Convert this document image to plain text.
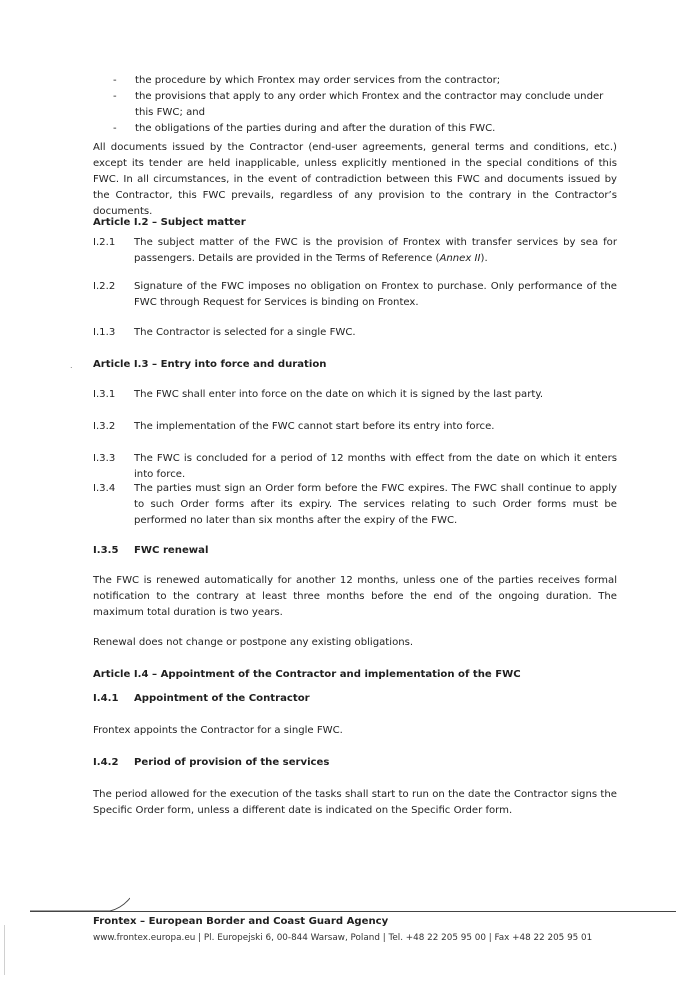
- the procedure by which Frontex may order services from the contractor;
- the provisions that apply to any order which Frontex and the contractor may conclude under this FWC; and
- the obligations of the parties during and after the duration of this FWC.
All documents issued by the Contractor (end-user agreements, general terms and conditions, etc.) except its tender are held inapplicable, unless explicitly mentioned in the special conditions of this FWC. In all circumstances, in the event of contradiction between this FWC and documents issued by the Contractor, this FWC prevails, regardless of any provision to the contrary in the Contractor’s documents.
Article I.2 – Subject matter
I.2.1	The subject matter of the FWC is the provision of Frontex with transfer services by sea for passengers. Details are provided in the Terms of Reference (Annex II).
I.2.2	Signature of the FWC imposes no obligation on Frontex to purchase. Only performance of the FWC through Request for Services is binding on Frontex.
I.1.3	The Contractor is selected for a single FWC.
. Article I.3 – Entry into force and duration
I.3.1	The FWC shall enter into force on the date on which it is signed by the last party.
I.3.2	The implementation of the FWC cannot start before its entry into force.
I.3.3	The FWC is concluded for a period of 12 months with effect from the date on which it enters into force.
I.3.4	The parties must sign an Order form before the FWC expires. The FWC shall continue to apply to such Order forms after its expiry. The services relating to such Order forms must be performed no later than six months after the expiry of the FWC.
I.3.5	FWC renewal
The FWC is renewed automatically for another 12 months, unless one of the parties receives formal notification to the contrary at least three months before the end of the ongoing duration. The maximum total duration is two years.
Renewal does not change or postpone any existing obligations.
Article I.4 – Appointment of the Contractor and implementation of the FWC
I.4.1	Appointment of the Contractor
Frontex appoints the Contractor for a single FWC.
I.4.2	Period of provision of the services
The period allowed for the execution of the tasks shall start to run on the date the Contractor signs the Specific Order form, unless a different date is indicated on the Specific Order form.
Frontex – European Border and Coast Guard Agency
www.frontex.europa.eu | Pl. Europejski 6, 00-844 Warsaw, Poland | Tel. +48 22 205 95 00 | Fax +48 22 205 95 01
